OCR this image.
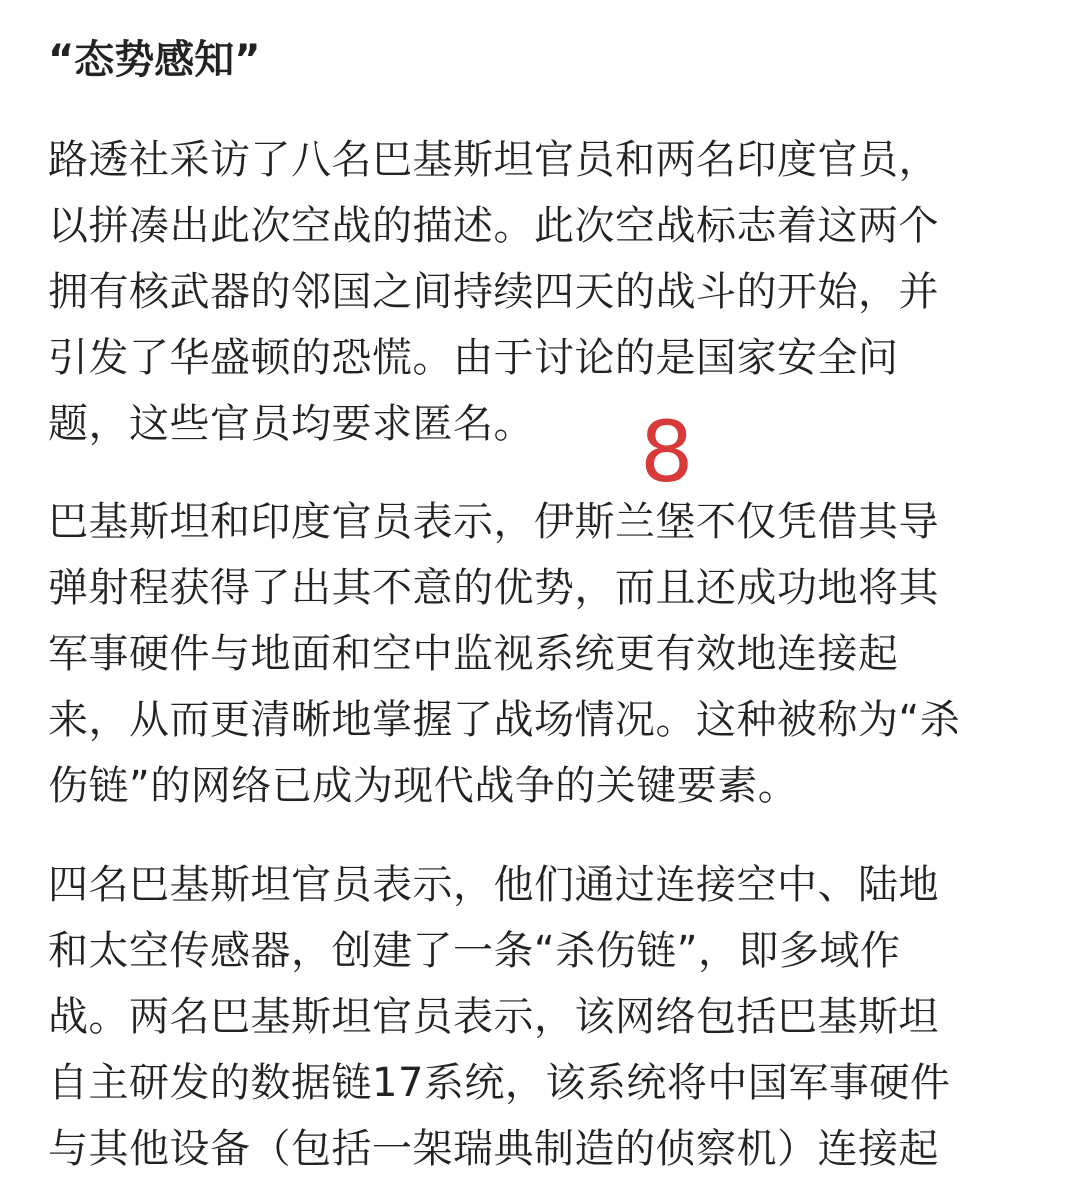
“态势感知”
路透社采访了八名巴基斯坦官员和两名印度官员，
以拼凑出此次空战的描述。此次空战标志着这两个
拥有核武器的邻国之间持续四天的战斗的开始，并
引发了华盛顿的恐慌。由于讨论的是国家安全问
题，这些官员均要求匿名。
巴基斯坦和印度官员表示，伊斯兰堡不仅凭借其导
弹射程获得了出其不意的优势，而且还成功地将其
军事硬件与地面和空中监视系统更有效地连接起
来，从而更清晰地掌握了战场情况。这种被称为“杀
伤链”的网络已成为现代战争的关键要素。
四名巴基斯坦官员表示，他们通过连接空中、陆地
和太空传感器，创建了一条“杀伤链”，即多域作
战。两名巴基斯坦官员表示，该网络包括巴基斯坦
自主研发的数据链17系统，该系统将中国军事硬件
与其他设备（包括一架瑞典制造的侦察机）连接起
8
